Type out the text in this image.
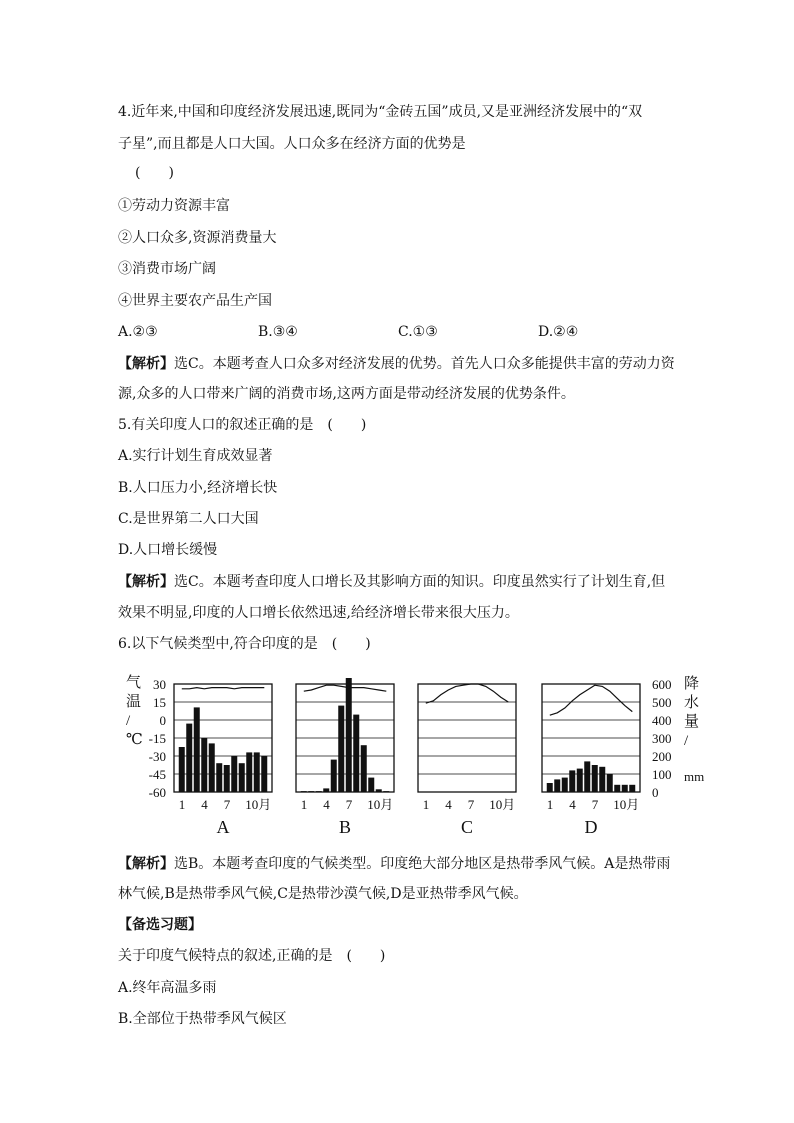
4.近年来,中国和印度经济发展迅速,既同为“金砖五国”成员,又是亚洲经济发展中的“双
子星”,而且都是人口大国。人口众多在经济方面的优势是
(　　)
①劳动力资源丰富
②人口众多,资源消费量大
③消费市场广阔
④世界主要农产品生产国
A.②③	B.③④	C.①③	D.②④
【解析】选C。本题考查人口众多对经济发展的优势。首先人口众多能提供丰富的劳动力资
源,众多的人口带来广阔的消费市场,这两方面是带动经济发展的优势条件。
5.有关印度人口的叙述正确的是　(　　)
A.实行计划生育成效显著
B.人口压力小,经济增长快
C.是世界第二人口大国
D.人口增长缓慢
【解析】选C。本题考查印度人口增长及其影响方面的知识。印度虽然实行了计划生育,但
效果不明显,印度的人口增长依然迅速,给经济增长带来很大压力。
6.以下气候类型中,符合印度的是　(　　)
气
温
/
℃
30
15
0
-15
-30
-45
-60
600
500
400
300
200
100
0
降
水
量
/
mm
1 4 7 10月
A
1 4 7 10月
B
1 4 7 10月
C
1 4 7 10月
D
【解析】选B。本题考查印度的气候类型。印度绝大部分地区是热带季风气候。A是热带雨
林气候,B是热带季风气候,C是热带沙漠气候,D是亚热带季风气候。
【备选习题】
关于印度气候特点的叙述,正确的是　(　　)
A.终年高温多雨
B.全部位于热带季风气候区
